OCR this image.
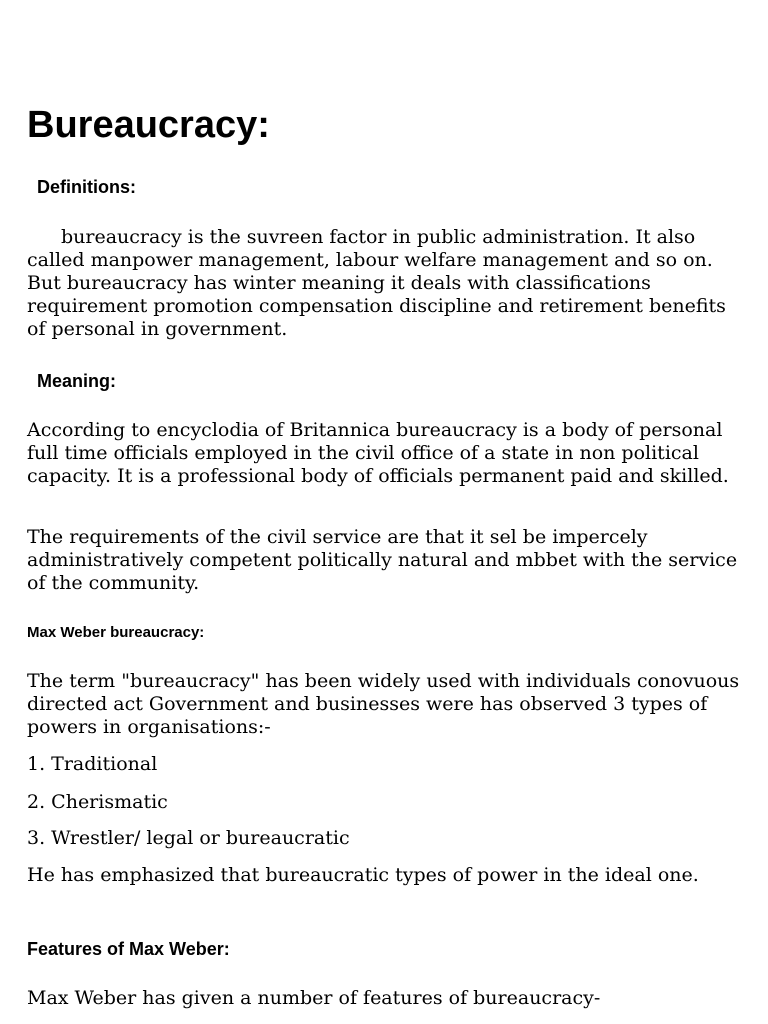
Bureaucracy:
Definitions:

bureaucracy is the suvreen factor in public administration. It also called manpower management, labour welfare management and so on. But bureaucracy has winter meaning it deals with classifications requirement promotion compensation discipline and retirement benefits of personal in government.

Meaning:

According to encyclodia of Britannica bureaucracy is a body of personal full time officials employed in the civil office of a state in non political capacity. It is a professional body of officials permanent paid and skilled.

The requirements of the civil service are that it sel be impercely administratively competent politically natural and mbbet with the service of the community.

Max Weber bureaucracy:

The term "bureaucracy" has been widely used with individuals conovuous directed act Government and businesses were has observed 3 types of powers in organisations:-

1. Traditional

2. Cherismatic

3. Wrestler/ legal or bureaucratic

He has emphasized that bureaucratic types of power in the ideal one.

Features of Max Weber:

Max Weber has given a number of features of bureaucracy-
